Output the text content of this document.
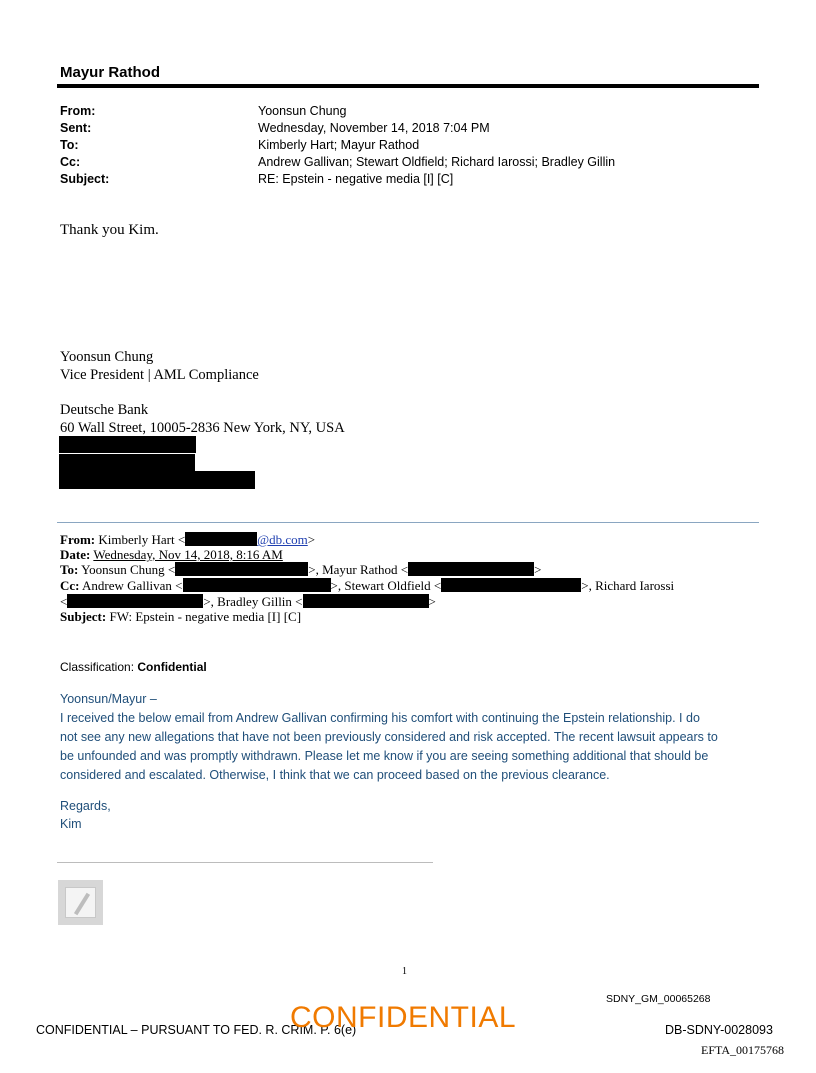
Mayur Rathod
From:	Yoonsun Chung
Sent:	Wednesday, November 14, 2018 7:04 PM
To:	Kimberly Hart; Mayur Rathod
Cc:	Andrew Gallivan; Stewart Oldfield; Richard Iarossi; Bradley Gillin
Subject:	RE: Epstein - negative media [I] [C]
Thank you Kim.
Yoonsun Chung
Vice President | AML Compliance
Deutsche Bank
60 Wall Street, 10005-2836 New York, NY, USA
From: Kimberly Hart <	@db.com>
Date: Wednesday, Nov 14, 2018, 8:16 AM
To: Yoonsun Chung <	>, Mayur Rathod <	>
Cc: Andrew Gallivan <	>, Stewart Oldfield <	>, Richard Iarossi
<	>, Bradley Gillin <	>
Subject: FW: Epstein - negative media [I] [C]
Classification: Confidential
Yoonsun/Mayur –
I received the below email from Andrew Gallivan confirming his comfort with continuing the Epstein relationship. I do
not see any new allegations that have not been previously considered and risk accepted. The recent lawsuit appears to
be unfounded and was promptly withdrawn. Please let me know if you are seeing something additional that should be
considered and escalated. Otherwise, I think that we can proceed based on the previous clearance.
Regards,
Kim
1
SDNY_GM_00065268
CONFIDENTIAL – PURSUANT TO FED. R. CRIM. P. 6(e)
CONFIDENTIAL	DB-SDNY-0028093
EFTA_00175768
